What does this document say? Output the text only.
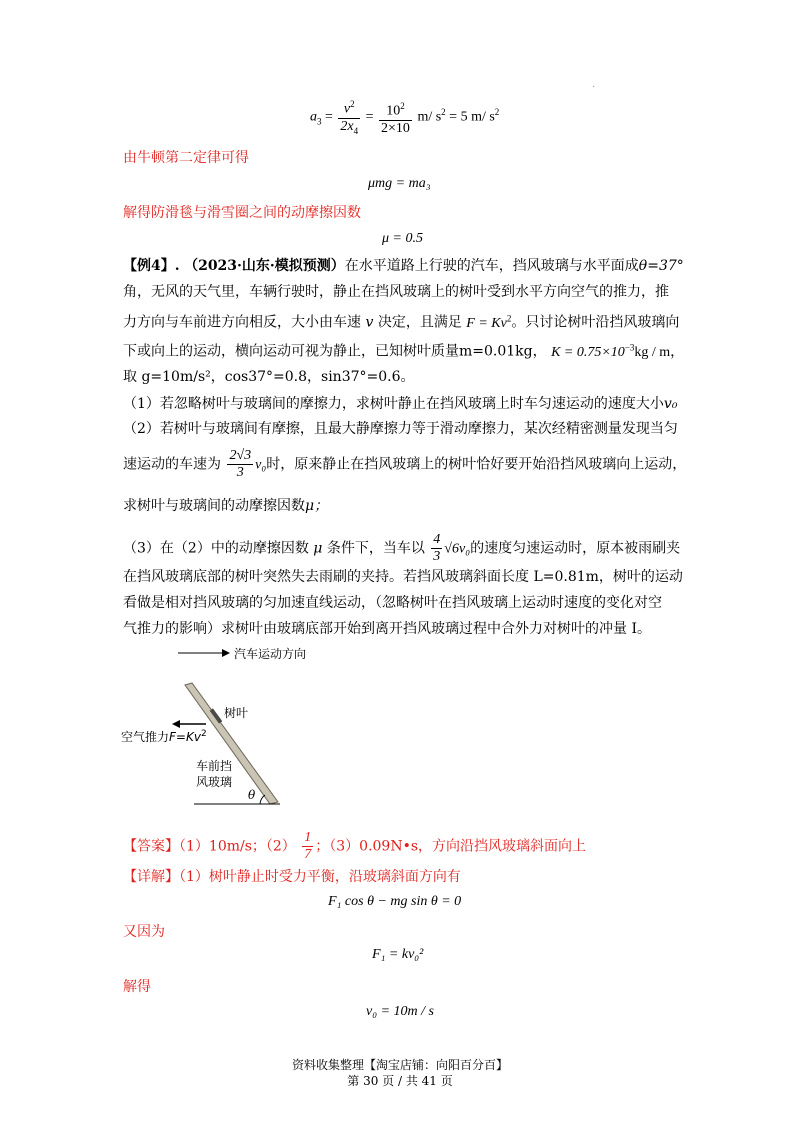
·
$a_3 = \frac{v^2}{2x_4} = \frac{10^2}{2\times 10} m/$ $s^2 = 5$ m/ $s^2$
由牛顿第二定律可得
μmg = ma₃
解得防滑毯与滑雪圈之间的动摩擦因数
μ = 0.5
【例4】. （2023·山东·模拟预测）在水平道路上行驶的汽车，挡风玻璃与水平面成θ=37°
角，无风的天气里，车辆行驶时，静止在挡风玻璃上的树叶受到水平方向空气的推力，推
力方向与车前进方向相反，大小由车速 v 决定，且满足 $F = Kv^2$。只讨论树叶沿挡风玻璃向
下或向上的运动，横向运动可视为静止，已知树叶质量m=0.01kg， $K = 0.75\times 10^{-3}kg / m$，
取 g=10m/s²，cos37°=0.8，sin37°=0.6。
（1）若忽略树叶与玻璃间的摩擦力，求树叶静止在挡风玻璃上时车匀速运动的速度大小v₀
（2）若树叶与玻璃间有摩擦，且最大静摩擦力等于滑动摩擦力，某次经精密测量发现当匀
速运动的车速为 $\frac{2√3}{3} v_0$时，原来静止在挡风玻璃上的树叶恰好要开始沿挡风玻璃向上运动，
求树叶与玻璃间的动摩擦因数μ；
（3）在（2）中的动摩擦因数 μ 条件下，当车以 $\frac{4}{3} √6v_0$的速度匀速运动时，原本被雨刷夹
在挡风玻璃底部的树叶突然失去雨刷的夹持。若挡风玻璃斜面长度 L=0.81m，树叶的运动
看做是相对挡风玻璃的匀加速直线运动，（忽略树叶在挡风玻璃上运动时速度的变化对空
气推力的影响）求树叶由玻璃底部开始到离开挡风玻璃过程中合外力对树叶的冲量 I。
汽车运动方向
树叶
空气推力$F=Kv^2$
车前挡
风玻璃
θ
【答案】（1）10m/s；$(2) \frac{1}{7}$ ；（3）0.09N•s，方向沿挡风玻璃斜面向上
【详解】（1）树叶静止时受力平衡，沿玻璃斜面方向有
F₁ cos θ − mg sin θ = 0
又因为
F₁ = kv₀²
解得
v₀ = 10m / s
资料收集整理【淘宝店铺：向阳百分百】
第 30 页 / 共 41 页
